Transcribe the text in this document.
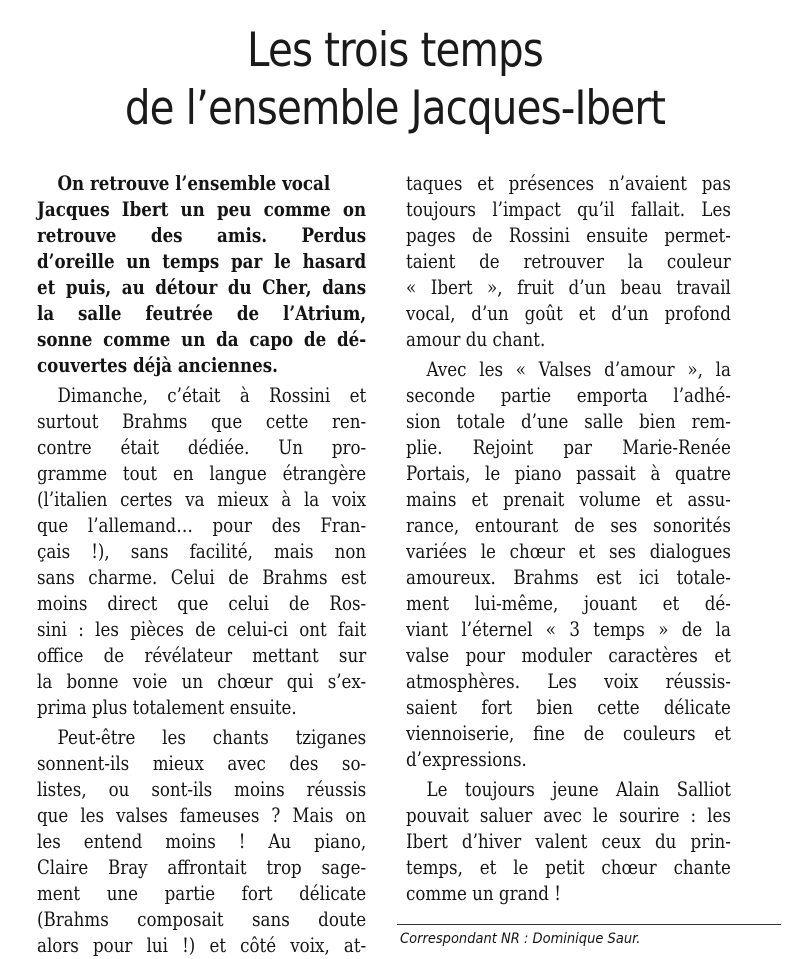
Les trois temps
de l’ensemble Jacques-Ibert
On retrouve l’ensemble vocal
Jacques Ibert un peu comme on
retrouve des amis. Perdus
d’oreille un temps par le hasard
et puis, au détour du Cher, dans
la salle feutrée de l’Atrium,
sonne comme un da capo de dé-
couvertes déjà anciennes.
Dimanche, c’était à Rossini et
surtout Brahms que cette ren-
contre était dédiée. Un pro-
gramme tout en langue étrangère
(l’italien certes va mieux à la voix
que l’allemand… pour des Fran-
çais !), sans facilité, mais non
sans charme. Celui de Brahms est
moins direct que celui de Ros-
sini : les pièces de celui-ci ont fait
office de révélateur mettant sur
la bonne voie un chœur qui s’ex-
prima plus totalement ensuite.
Peut-être les chants tziganes
sonnent-ils mieux avec des so-
listes, ou sont-ils moins réussis
que les valses fameuses ? Mais on
les entend moins ! Au piano,
Claire Bray affrontait trop sage-
ment une partie fort délicate
(Brahms composait sans doute
alors pour lui !) et côté voix, at-
taques et présences n’avaient pas
toujours l’impact qu’il fallait. Les
pages de Rossini ensuite permet-
taient de retrouver la couleur
« Ibert », fruit d’un beau travail
vocal, d’un goût et d’un profond
amour du chant.
Avec les « Valses d’amour », la
seconde partie emporta l’adhé-
sion totale d’une salle bien rem-
plie. Rejoint par Marie-Renée
Portais, le piano passait à quatre
mains et prenait volume et assu-
rance, entourant de ses sonorités
variées le chœur et ses dialogues
amoureux. Brahms est ici totale-
ment lui-même, jouant et dé-
viant l’éternel « 3 temps » de la
valse pour moduler caractères et
atmosphères. Les voix réussis-
saient fort bien cette délicate
viennoiserie, fine de couleurs et
d’expressions.
Le toujours jeune Alain Salliot
pouvait saluer avec le sourire : les
Ibert d’hiver valent ceux du prin-
temps, et le petit chœur chante
comme un grand !
Correspondant NR : Dominique Saur.
